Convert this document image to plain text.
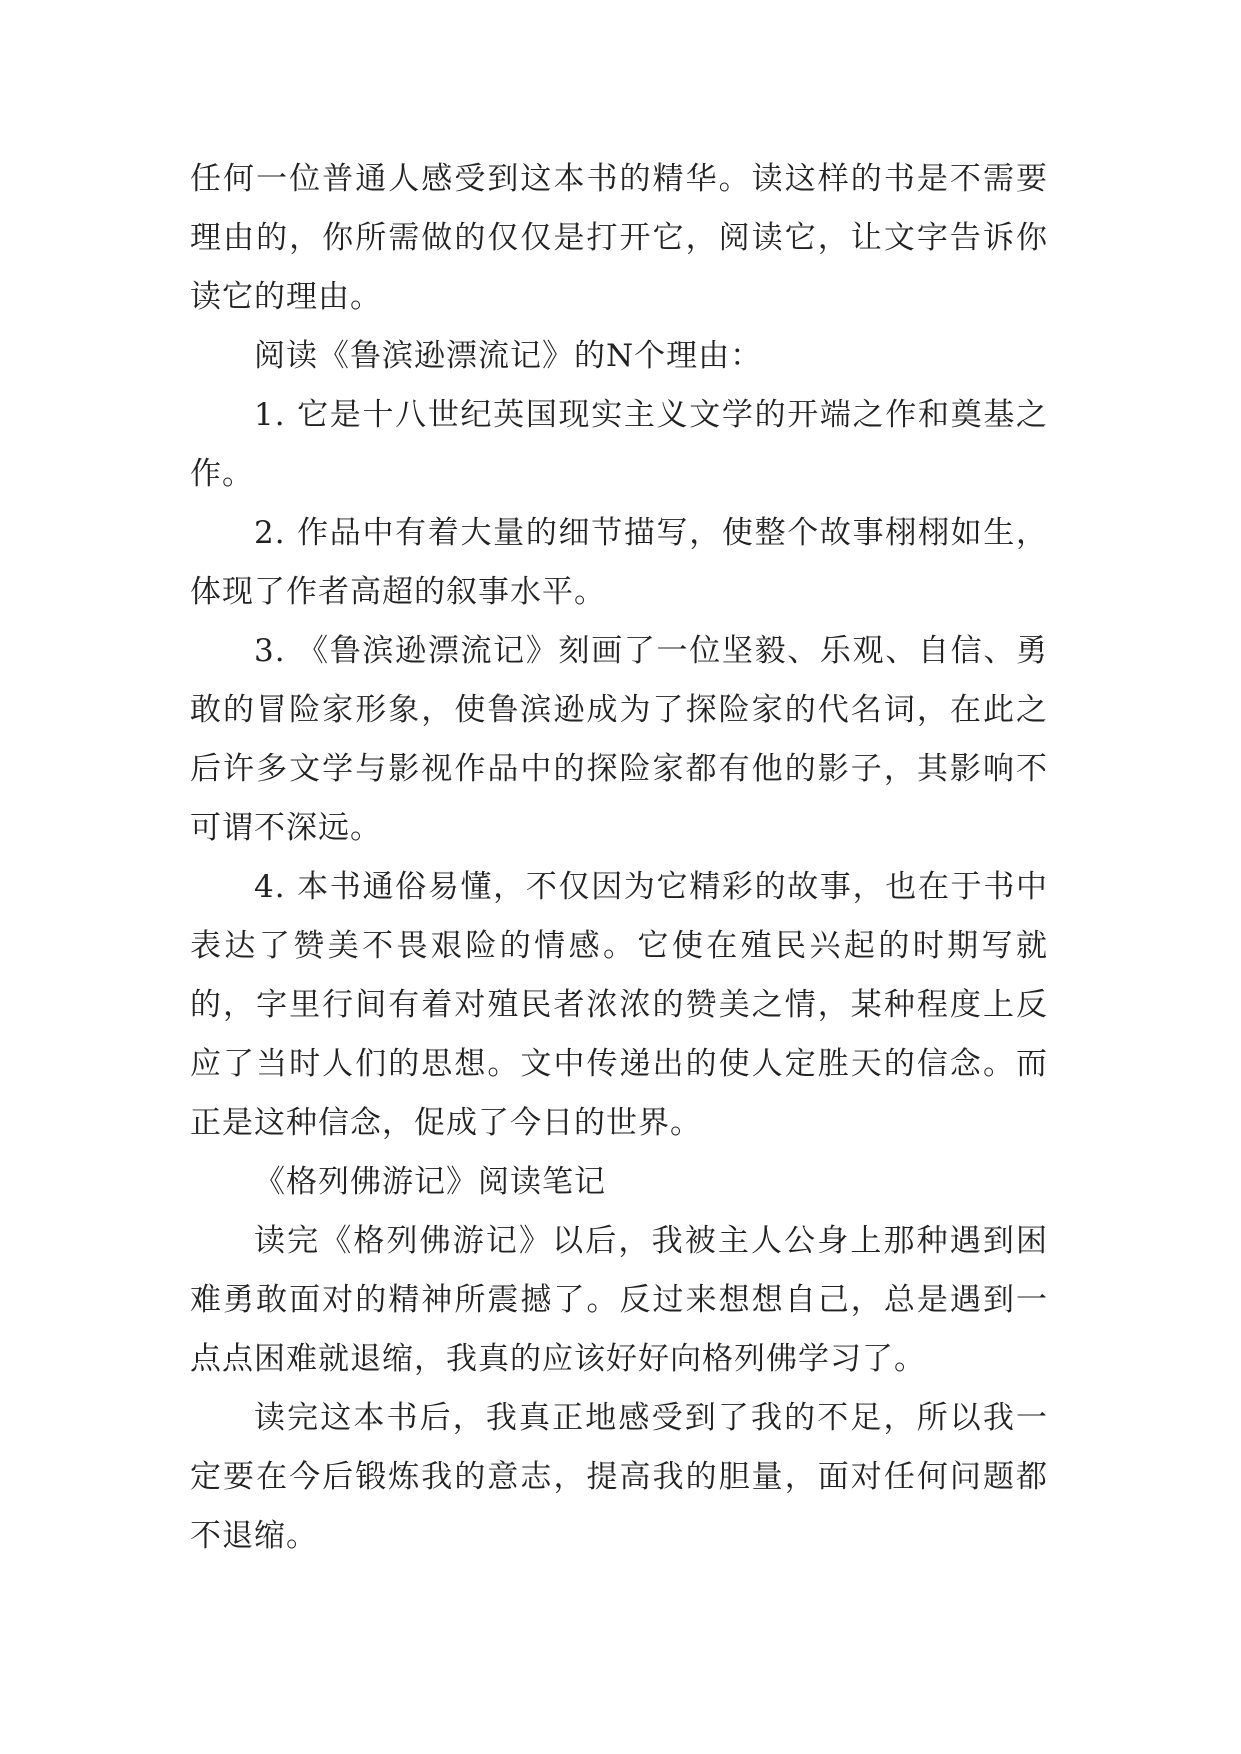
任何一位普通人感受到这本书的精华。读这样的书是不需要理由的，你所需做的仅仅是打开它，阅读它，让文字告诉你读它的理由。

阅读《鲁滨逊漂流记》的N个理由：

1. 它是十八世纪英国现实主义文学的开端之作和奠基之作。

2. 作品中有着大量的细节描写，使整个故事栩栩如生，体现了作者高超的叙事水平。

3. 《鲁滨逊漂流记》刻画了一位坚毅、乐观、自信、勇敢的冒险家形象，使鲁滨逊成为了探险家的代名词，在此之后许多文学与影视作品中的探险家都有他的影子，其影响不可谓不深远。

4. 本书通俗易懂，不仅因为它精彩的故事，也在于书中表达了赞美不畏艰险的情感。它使在殖民兴起的时期写就的，字里行间有着对殖民者浓浓的赞美之情，某种程度上反应了当时人们的思想。文中传递出的使人定胜天的信念。而正是这种信念，促成了今日的世界。

《格列佛游记》阅读笔记

读完《格列佛游记》以后，我被主人公身上那种遇到困难勇敢面对的精神所震撼了。反过来想想自己，总是遇到一点点困难就退缩，我真的应该好好向格列佛学习了。

读完这本书后，我真正地感受到了我的不足，所以我一定要在今后锻炼我的意志，提高我的胆量，面对任何问题都不退缩。
